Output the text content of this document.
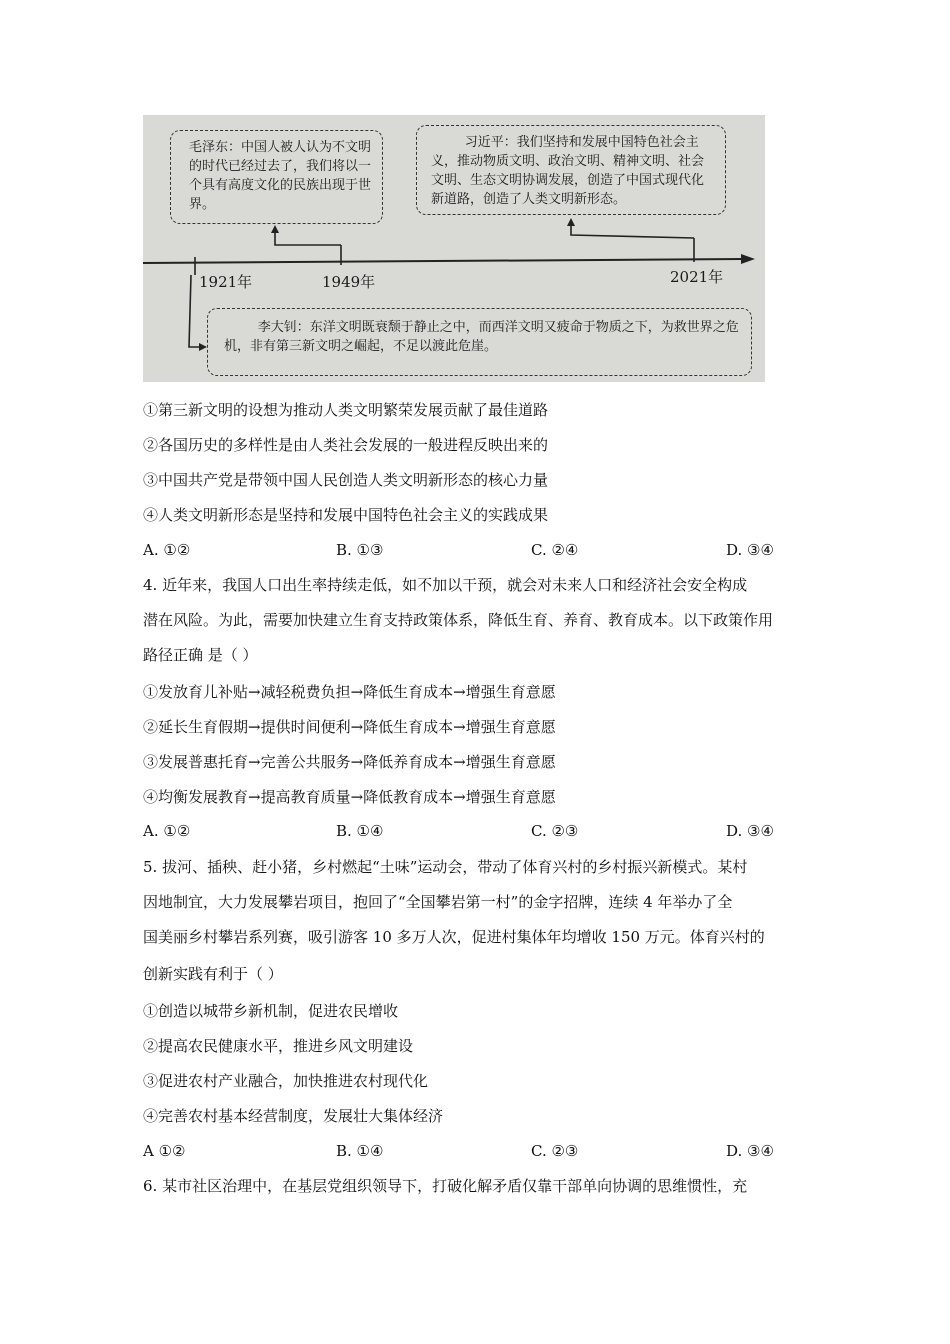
毛泽东：中国人被人认为不文明的时代已经过去了，我们将以一个具有高度文化的民族出现于世界。
习近平：我们坚持和发展中国特色社会主义，推动物质文明、政治文明、精神文明、社会文明、生态文明协调发展，创造了中国式现代化新道路，创造了人类文明新形态。
李大钊：东洋文明既衰颓于静止之中，而西洋文明又疲命于物质之下，为救世界之危机，非有第三新文明之崛起，不足以渡此危崖。
1921年	1949年	2021年
①第三新文明的设想为推动人类文明繁荣发展贡献了最佳道路
②各国历史的多样性是由人类社会发展的一般进程反映出来的
③中国共产党是带领中国人民创造人类文明新形态的核心力量
④人类文明新形态是坚持和发展中国特色社会主义的实践成果
A. ①②	B. ①③	C. ②④	D. ③④
4. 近年来，我国人口出生率持续走低，如不加以干预，就会对未来人口和经济社会安全构成
潜在风险。为此，需要加快建立生育支持政策体系，降低生育、养育、教育成本。以下政策作用
路径正确 是（ ）
①发放育儿补贴→减轻税费负担→降低生育成本→增强生育意愿
②延长生育假期→提供时间便利→降低生育成本→增强生育意愿
③发展普惠托育→完善公共服务→降低养育成本→增强生育意愿
④均衡发展教育→提高教育质量→降低教育成本→增强生育意愿
A. ①②	B. ①④	C. ②③	D. ③④
5. 拔河、插秧、赶小猪，乡村燃起“土味”运动会，带动了体育兴村的乡村振兴新模式。某村
因地制宜，大力发展攀岩项目，抱回了“全国攀岩第一村”的金字招牌，连续 4 年举办了全
国美丽乡村攀岩系列赛，吸引游客 10 多万人次，促进村集体年均增收 150 万元。体育兴村的
创新实践有利于（ ）
①创造以城带乡新机制，促进农民增收
②提高农民健康水平，推进乡风文明建设
③促进农村产业融合，加快推进农村现代化
④完善农村基本经营制度，发展壮大集体经济
A ①②	B. ①④	C. ②③	D. ③④
6. 某市社区治理中，在基层党组织领导下，打破化解矛盾仅靠干部单向协调的思维惯性，充
